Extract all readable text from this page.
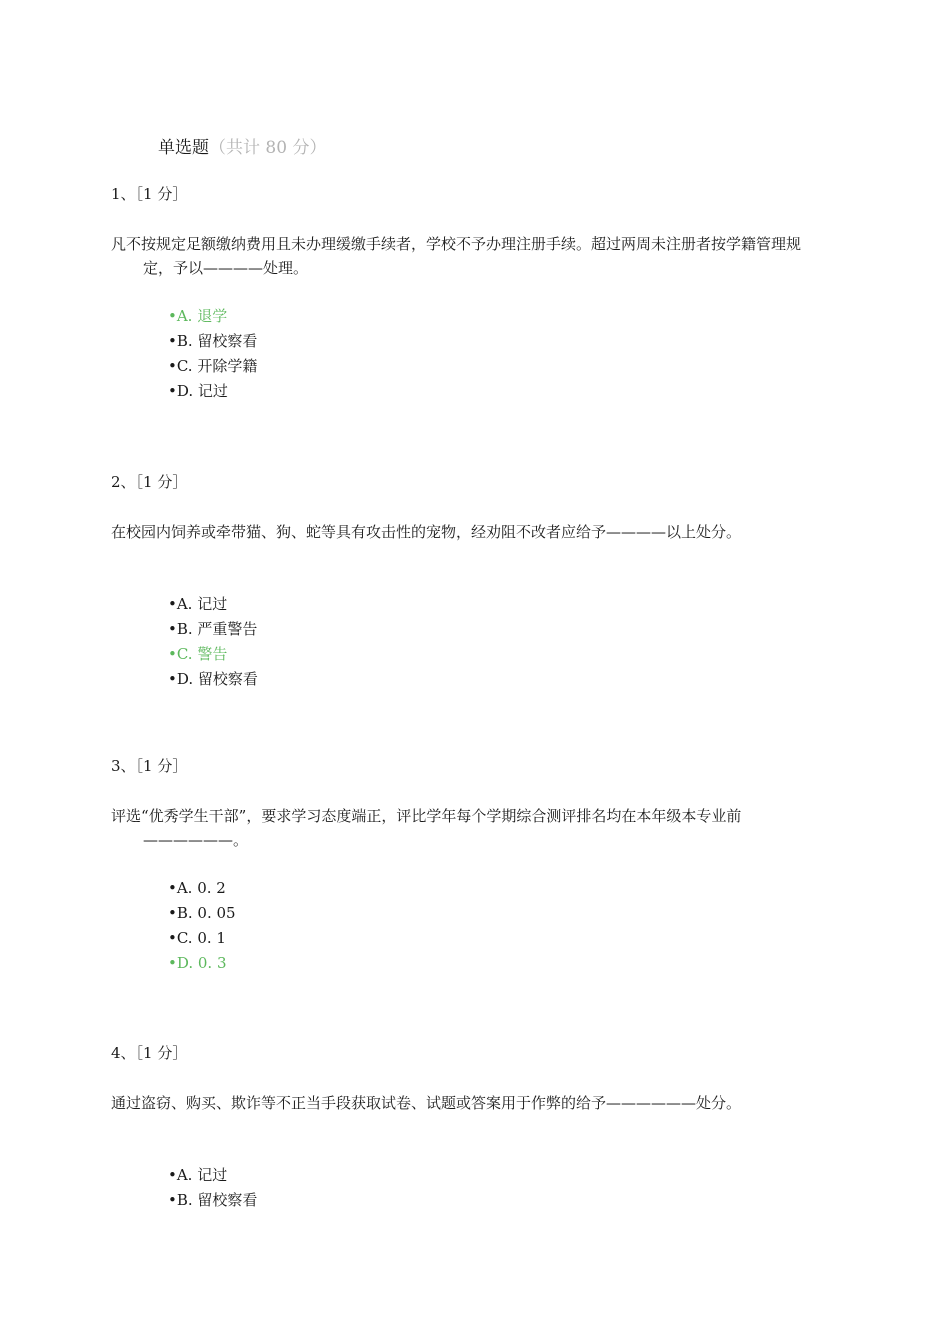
单选题（共计 80 分）
1、［1 分］
凡不按规定足额缴纳费用且未办理缓缴手续者，学校不予办理注册手续。超过两周未注册者按学籍管理规定，予以————处理。
•A. 退学
•B. 留校察看
•C. 开除学籍
•D. 记过
2、［1 分］
在校园内饲养或牵带猫、狗、蛇等具有攻击性的宠物，经劝阻不改者应给予————以上处分。
•A. 记过
•B. 严重警告
•C. 警告
•D. 留校察看
3、［1 分］
评选“优秀学生干部”，要求学习态度端正，评比学年每个学期综合测评排名均在本年级本专业前——————。
•A. 0. 2
•B. 0. 05
•C. 0. 1
•D. 0. 3
4、［1 分］
通过盗窃、购买、欺诈等不正当手段获取试卷、试题或答案用于作弊的给予——————处分。
•A. 记过
•B. 留校察看
